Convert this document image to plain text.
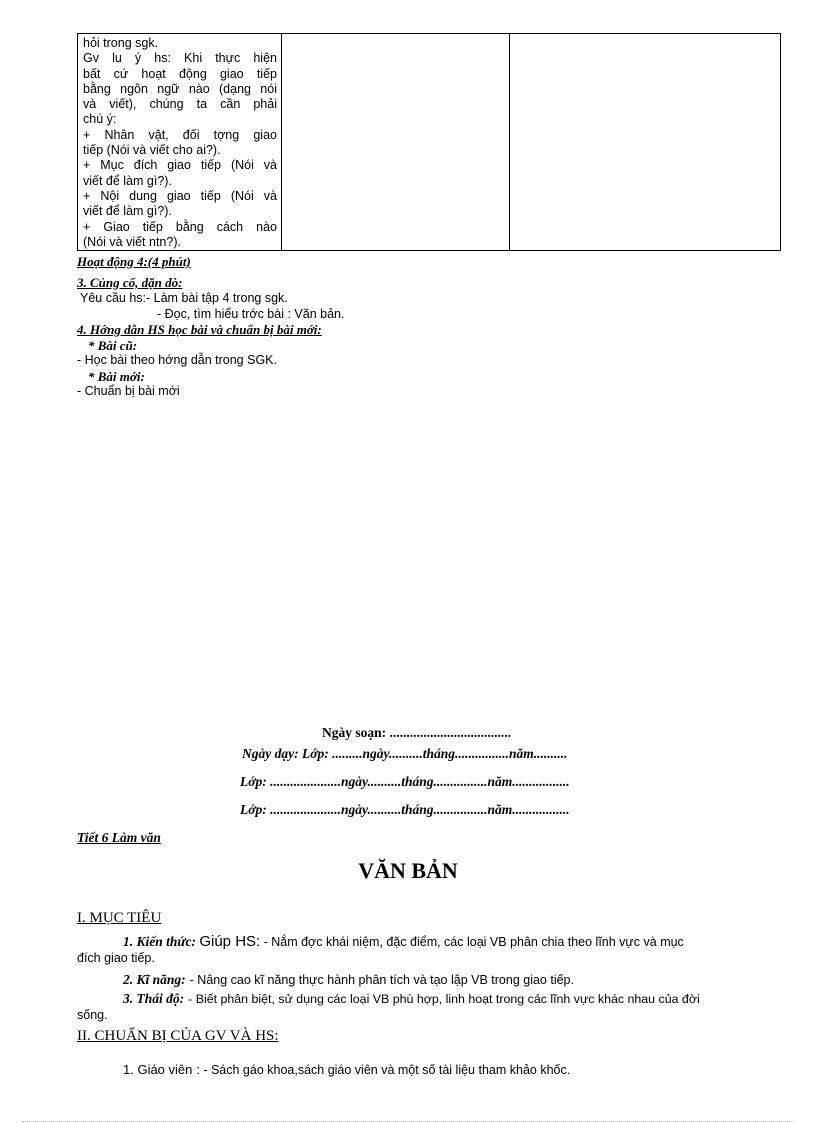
hỏi trong sgk.
Gv lu ý hs: Khi thực hiện
bất cứ hoạt động giao tiếp
bằng ngôn ngữ nào (dạng nói
và viết), chúng ta cần phải
chú ý:
+ Nhân vật, đối tợng giao
tiếp (Nói và viết cho ai?).
+ Mục đích giao tiếp (Nói và
viết để làm gì?).
+ Nội dung giao tiếp (Nói và
viết để làm gì?).
+ Giao tiếp bằng cách nào
(Nói và viết ntn?).

Hoạt động 4:(4 phút)
3. Củng cố, dặn dò:
Yêu cầu hs:- Làm bài tập 4 trong sgk.
- Đọc, tìm hiểu trớc bài : Văn bản.
4. Hớng dẫn HS học bài và chuẩn bị bài mới:
* Bài cũ:
- Học bài theo hớng dẫn trong SGK.
* Bài mới:
- Chuẩn bị bài mới
Ngày soạn: ....................................
Ngày dạy: Lớp: .........ngày..........tháng................năm..........
Lớp: .....................ngày..........tháng................năm.................
Lớp: .....................ngày..........tháng................năm.................
Tiết 6 Làm văn
VĂN BẢN
I. MỤC TIÊU
1. Kiến thức: Giúp HS: - Nắm đợc khái niệm, đặc điểm, các loại VB phân chia theo lĩnh vực và mục
đích giao tiếp.
2. Kĩ năng: - Nâng cao kĩ năng thực hành phân tích và tạo lập VB trong giao tiếp.
3. Thái độ: - Biết phân biệt, sử dụng các loại VB phù hợp, linh hoạt trong các lĩnh vực khác nhau của đời
sống.
II. CHUẨN BỊ CỦA GV VÀ HS:
1. Giáo viên : - Sách gáo khoa,sách giáo viên và một số tài liệu tham khảo khốc.
